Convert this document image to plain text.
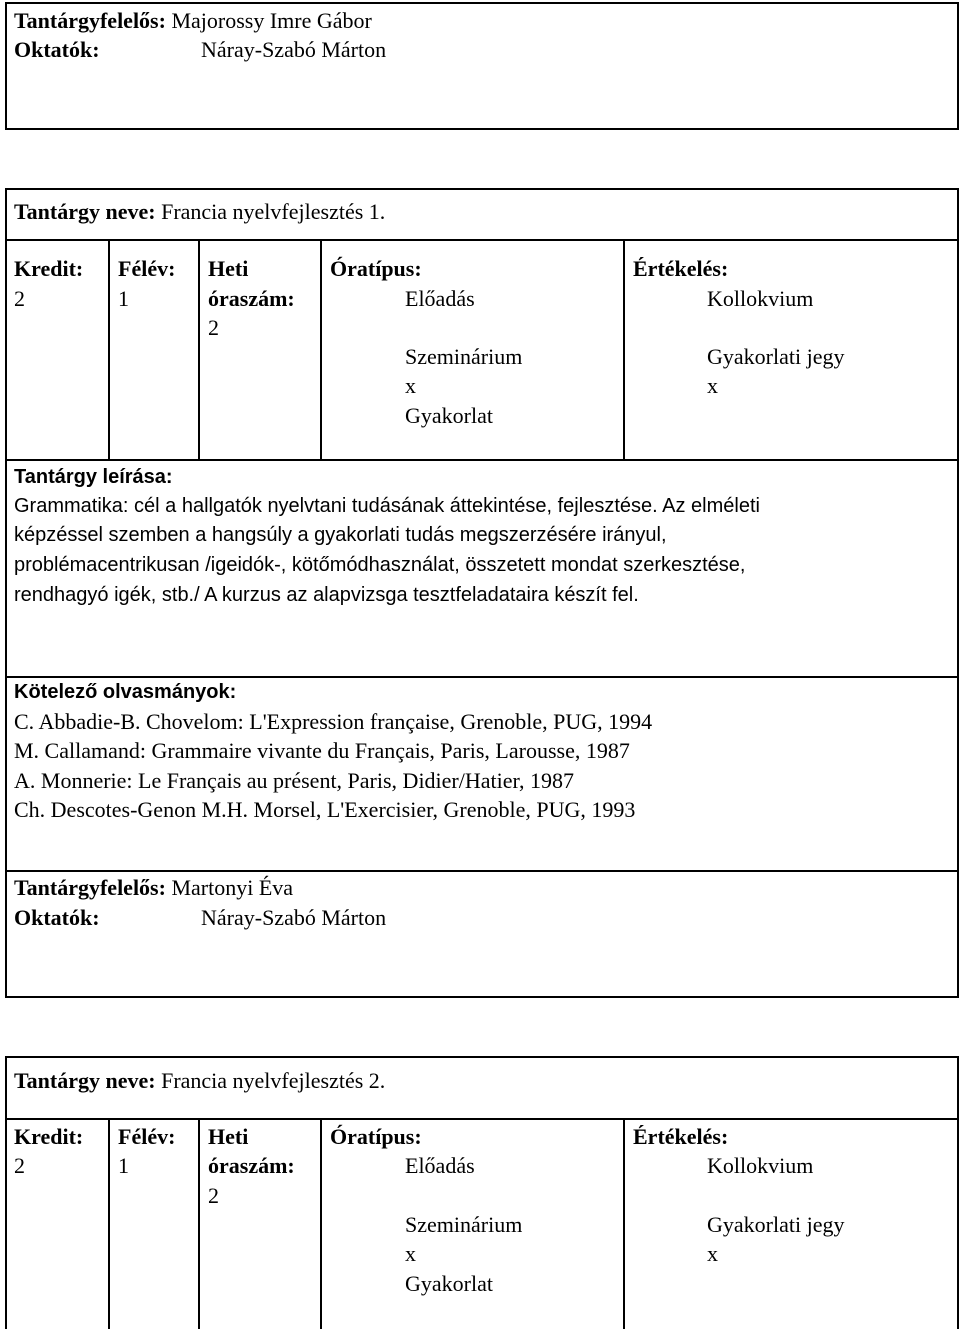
Tantárgyfelelős: Majorossy Imre Gábor
Oktatók:	Náray-Szabó Márton
Tantárgy neve: Francia nyelvfejlesztés 1.
Kredit:
2
Félév:
1
Heti
óraszám:
2
Óratípus:
Előadás
Szeminárium
x
Gyakorlat
Értékelés:
Kollokvium
Gyakorlati jegy
x
Tantárgy leírása:
Grammatika: cél a hallgatók nyelvtani tudásának áttekintése, fejlesztése. Az elméleti
képzéssel szemben a hangsúly a gyakorlati tudás megszerzésére irányul,
problémacentrikusan /igeidók-, kötőmódhasználat, összetett mondat szerkesztése,
rendhagyó igék, stb./ A kurzus az alapvizsga tesztfeladataira készít fel.
Kötelező olvasmányok:
C. Abbadie-B. Chovelom: L'Expression française, Grenoble, PUG, 1994
M. Callamand: Grammaire vivante du Français, Paris, Larousse, 1987
A. Monnerie: Le Français au présent, Paris, Didier/Hatier, 1987
Ch. Descotes-Genon M.H. Morsel, L'Exercisier, Grenoble, PUG, 1993
Tantárgyfelelős: Martonyi Éva
Oktatók:	Náray-Szabó Márton
Tantárgy neve: Francia nyelvfejlesztés 2.
Kredit:
2
Félév:
1
Heti
óraszám:
2
Óratípus:
Előadás
Szeminárium
x
Gyakorlat
Értékelés:
Kollokvium
Gyakorlati jegy
x
